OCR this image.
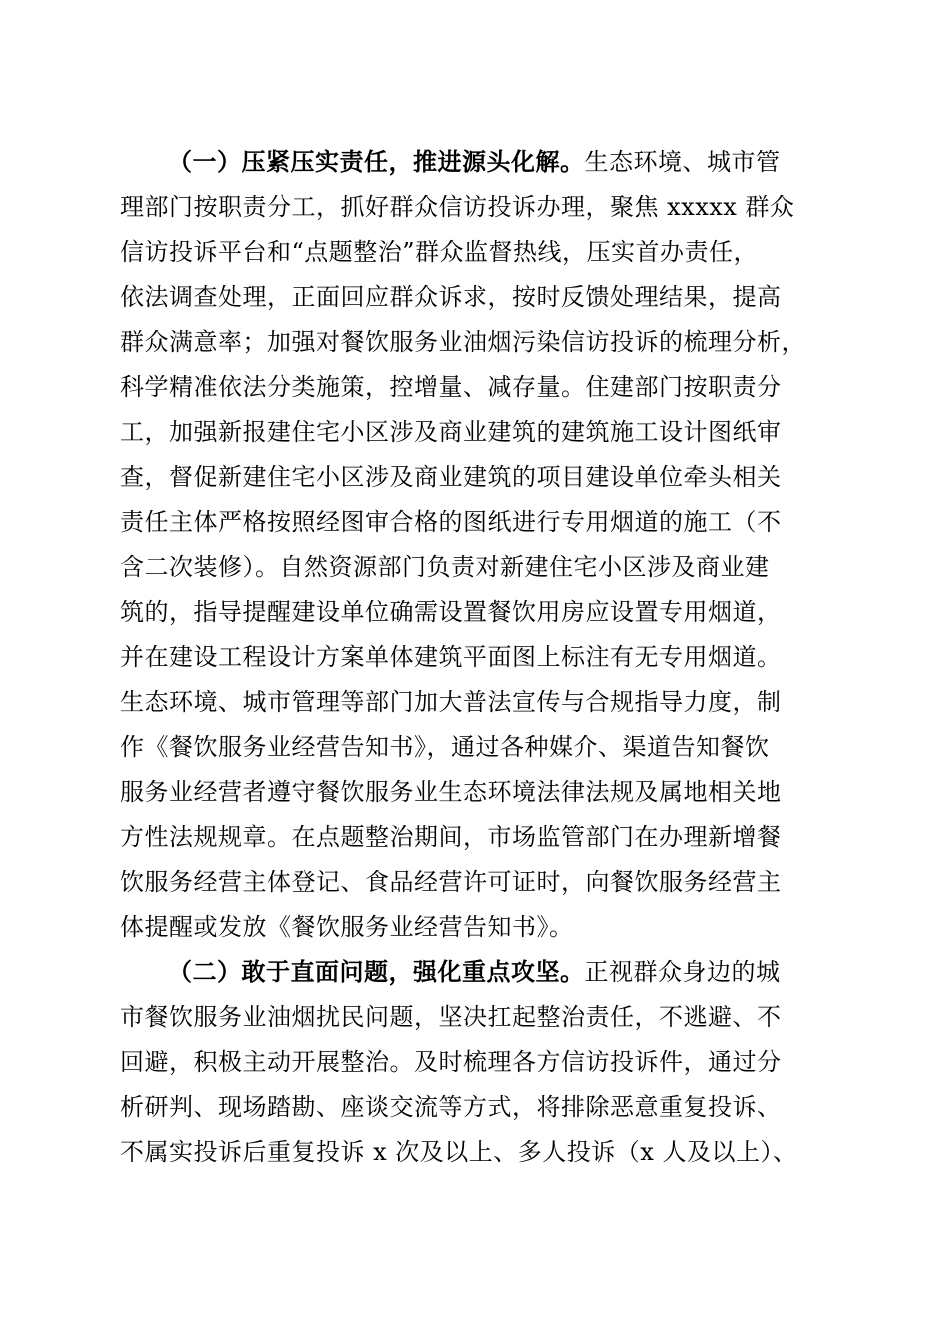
（一）压紧压实责任，推进源头化解。生态环境、城市管
理部门按职责分工，抓好群众信访投诉办理，聚焦 xxxxx 群众
信访投诉平台和“点题整治”群众监督热线，压实首办责任，
依法调查处理，正面回应群众诉求，按时反馈处理结果，提高
群众满意率；加强对餐饮服务业油烟污染信访投诉的梳理分析，
科学精准依法分类施策，控增量、减存量。住建部门按职责分
工，加强新报建住宅小区涉及商业建筑的建筑施工设计图纸审
查，督促新建住宅小区涉及商业建筑的项目建设单位牵头相关
责任主体严格按照经图审合格的图纸进行专用烟道的施工（不
含二次装修）。自然资源部门负责对新建住宅小区涉及商业建
筑的，指导提醒建设单位确需设置餐饮用房应设置专用烟道，
并在建设工程设计方案单体建筑平面图上标注有无专用烟道。
生态环境、城市管理等部门加大普法宣传与合规指导力度，制
作《餐饮服务业经营告知书》，通过各种媒介、渠道告知餐饮
服务业经营者遵守餐饮服务业生态环境法律法规及属地相关地
方性法规规章。在点题整治期间，市场监管部门在办理新增餐
饮服务经营主体登记、食品经营许可证时，向餐饮服务经营主
体提醒或发放《餐饮服务业经营告知书》。
（二）敢于直面问题，强化重点攻坚。正视群众身边的城
市餐饮服务业油烟扰民问题，坚决扛起整治责任，不逃避、不
回避，积极主动开展整治。及时梳理各方信访投诉件，通过分
析研判、现场踏勘、座谈交流等方式，将排除恶意重复投诉、
不属实投诉后重复投诉 x 次及以上、多人投诉（x 人及以上）、
